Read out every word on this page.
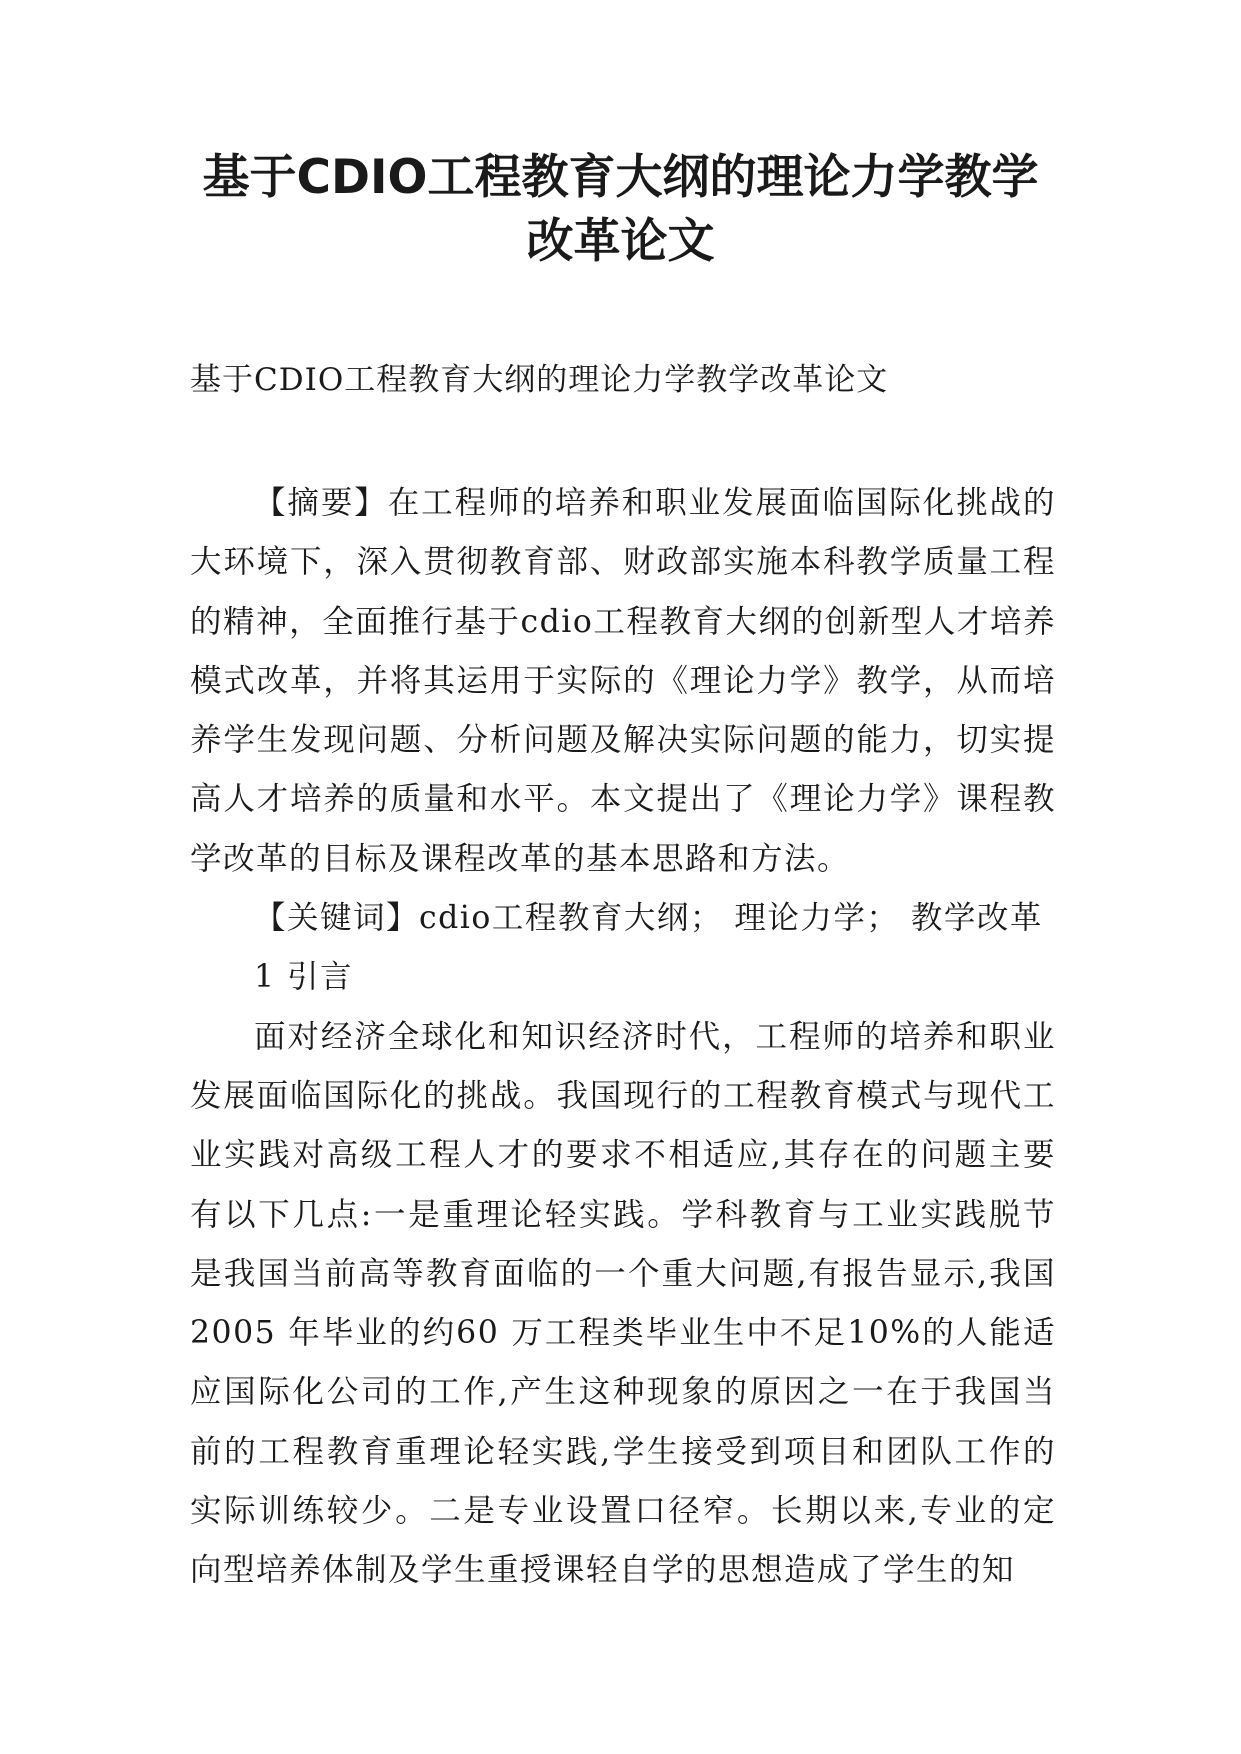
基于CDIO工程教育大纲的理论力学教学改革论文

基于CDIO工程教育大纲的理论力学教学改革论文

【摘要】在工程师的培养和职业发展面临国际化挑战的大环境下，深入贯彻教育部、财政部实施本科教学质量工程的精神，全面推行基于cdio工程教育大纲的创新型人才培养模式改革，并将其运用于实际的《理论力学》教学，从而培养学生发现问题、分析问题及解决实际问题的能力，切实提高人才培养的质量和水平。本文提出了《理论力学》课程教学改革的目标及课程改革的基本思路和方法。

【关键词】cdio工程教育大纲； 理论力学； 教学改革

1 引言

面对经济全球化和知识经济时代，工程师的培养和职业发展面临国际化的挑战。我国现行的工程教育模式与现代工业实践对高级工程人才的要求不相适应,其存在的问题主要有以下几点:一是重理论轻实践。学科教育与工业实践脱节是我国当前高等教育面临的一个重大问题,有报告显示,我国2005 年毕业的约60 万工程类毕业生中不足10%的人能适应国际化公司的工作,产生这种现象的原因之一在于我国当前的工程教育重理论轻实践,学生接受到项目和团队工作的实际训练较少。二是专业设置口径窄。长期以来,专业的定向型培养体制及学生重授课轻自学的思想造成了学生的知
